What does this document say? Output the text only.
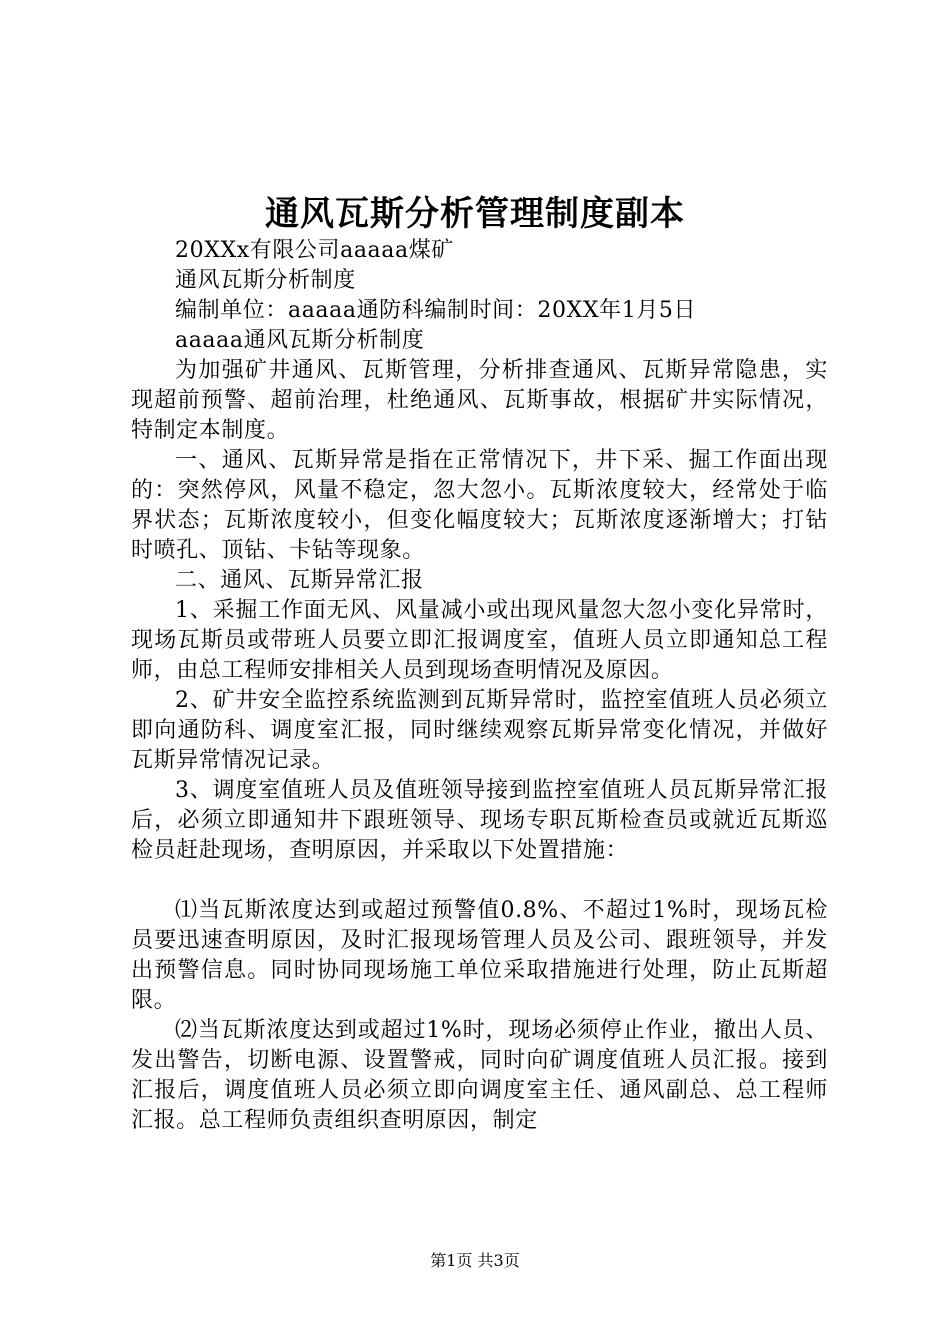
通风瓦斯分析管理制度副本

20XXx有限公司aaaaa煤矿

通风瓦斯分析制度

编制单位：aaaaa通防科编制时间：20XX年1月5日

aaaaa通风瓦斯分析制度

为加强矿井通风、瓦斯管理，分析排查通风、瓦斯异常隐患，实现超前预警、超前治理，杜绝通风、瓦斯事故，根据矿井实际情况，特制定本制度。

一、通风、瓦斯异常是指在正常情况下，井下采、掘工作面出现的：突然停风，风量不稳定，忽大忽小。瓦斯浓度较大，经常处于临界状态；瓦斯浓度较小，但变化幅度较大；瓦斯浓度逐渐增大；打钻时喷孔、顶钻、卡钻等现象。

二、通风、瓦斯异常汇报

1、采掘工作面无风、风量减小或出现风量忽大忽小变化异常时，现场瓦斯员或带班人员要立即汇报调度室，值班人员立即通知总工程师，由总工程师安排相关人员到现场查明情况及原因。

2、矿井安全监控系统监测到瓦斯异常时，监控室值班人员必须立即向通防科、调度室汇报，同时继续观察瓦斯异常变化情况，并做好瓦斯异常情况记录。

3、调度室值班人员及值班领导接到监控室值班人员瓦斯异常汇报后，必须立即通知井下跟班领导、现场专职瓦斯检查员或就近瓦斯巡检员赶赴现场，查明原因，并采取以下处置措施：

⑴当瓦斯浓度达到或超过预警值0.8%、不超过1%时，现场瓦检员要迅速查明原因，及时汇报现场管理人员及公司、跟班领导，并发出预警信息。同时协同现场施工单位采取措施进行处理，防止瓦斯超限。

⑵当瓦斯浓度达到或超过1%时，现场必须停止作业，撤出人员、发出警告，切断电源、设置警戒，同时向矿调度值班人员汇报。接到汇报后，调度值班人员必须立即向调度室主任、通风副总、总工程师汇报。总工程师负责组织查明原因，制定

第1页 共3页
